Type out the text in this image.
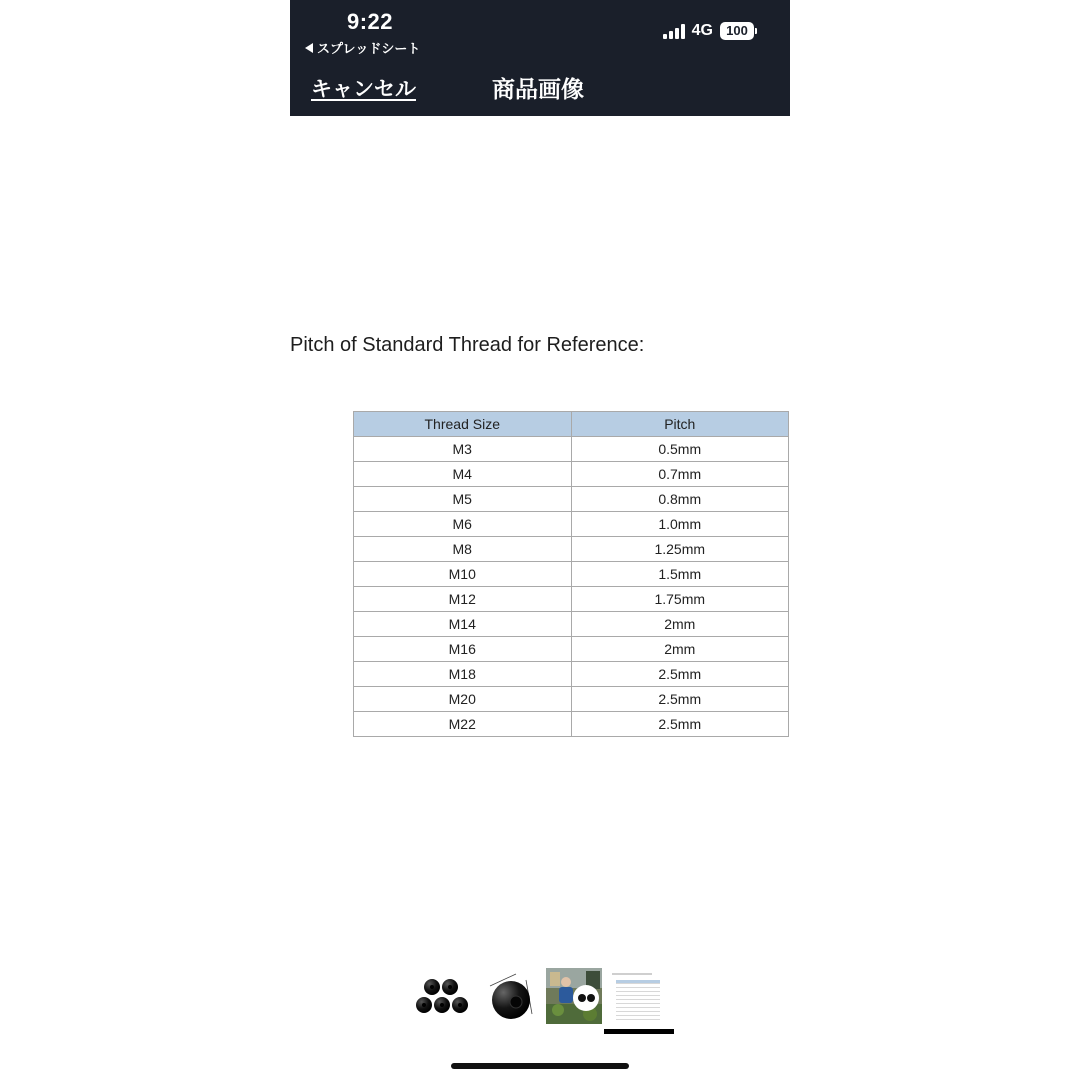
9:22
スプレッドシート
4G	100
キャンセル	商品画像
Pitch of Standard Thread for Reference:
Thread Size	Pitch
M3	0.5mm
M4	0.7mm
M5	0.8mm
M6	1.0mm
M8	1.25mm
M10	1.5mm
M12	1.75mm
M14	2mm
M16	2mm
M18	2.5mm
M20	2.5mm
M22	2.5mm
